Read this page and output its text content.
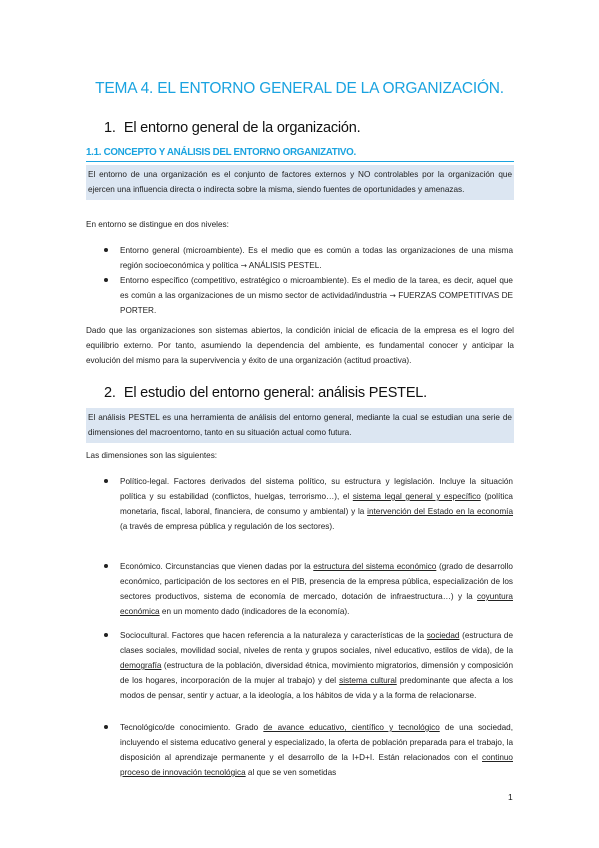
TEMA 4. EL ENTORNO GENERAL DE LA ORGANIZACIÓN.
1. El entorno general de la organización.
1.1. CONCEPTO Y ANÁLISIS DEL ENTORNO ORGANIZATIVO.
El entorno de una organización es el conjunto de factores externos y NO controlables por la organización que ejercen una influencia directa o indirecta sobre la misma, siendo fuentes de oportunidades y amenazas.

En entorno se distingue en dos niveles:

Entorno general (microambiente). Es el medio que es común a todas las organizaciones de una misma región socioeconómica y política → ANÁLISIS PESTEL.
Entorno específico (competitivo, estratégico o microambiente). Es el medio de la tarea, es decir, aquel que es común a las organizaciones de un mismo sector de actividad/industria → FUERZAS COMPETITIVAS DE PORTER.

Dado que las organizaciones son sistemas abiertos, la condición inicial de eficacia de la empresa es el logro del equilibrio externo. Por tanto, asumiendo la dependencia del ambiente, es fundamental conocer y anticipar la evolución del mismo para la supervivencia y éxito de una organización (actitud proactiva).

2. El estudio del entorno general: análisis PESTEL.
El análisis PESTEL es una herramienta de análisis del entorno general, mediante la cual se estudian una serie de dimensiones del macroentorno, tanto en su situación actual como futura.

Las dimensiones son las siguientes:

Político-legal. Factores derivados del sistema político, su estructura y legislación. Incluye la situación política y su estabilidad (conflictos, huelgas, terrorismo…), el sistema legal general y específico (política monetaria, fiscal, laboral, financiera, de consumo y ambiental) y la intervención del Estado en la economía (a través de empresa pública y regulación de los sectores).
Económico. Circunstancias que vienen dadas por la estructura del sistema económico (grado de desarrollo económico, participación de los sectores en el PIB, presencia de la empresa pública, especialización de los sectores productivos, sistema de economía de mercado, dotación de infraestructura…) y la coyuntura económica en un momento dado (indicadores de la economía).
Sociocultural. Factores que hacen referencia a la naturaleza y características de la sociedad (estructura de clases sociales, movilidad social, niveles de renta y grupos sociales, nivel educativo, estilos de vida), de la demografía (estructura de la población, diversidad étnica, movimiento migratorios, dimensión y composición de los hogares, incorporación de la mujer al trabajo) y del sistema cultural predominante que afecta a los modos de pensar, sentir y actuar, a la ideología, a los hábitos de vida y a la forma de relacionarse.
Tecnológico/de conocimiento. Grado de avance educativo, científico y tecnológico de una sociedad, incluyendo el sistema educativo general y especializado, la oferta de población preparada para el trabajo, la disposición al aprendizaje permanente y el desarrollo de la I+D+I. Están relacionados con el continuo proceso de innovación tecnológica al que se ven sometidas
1
